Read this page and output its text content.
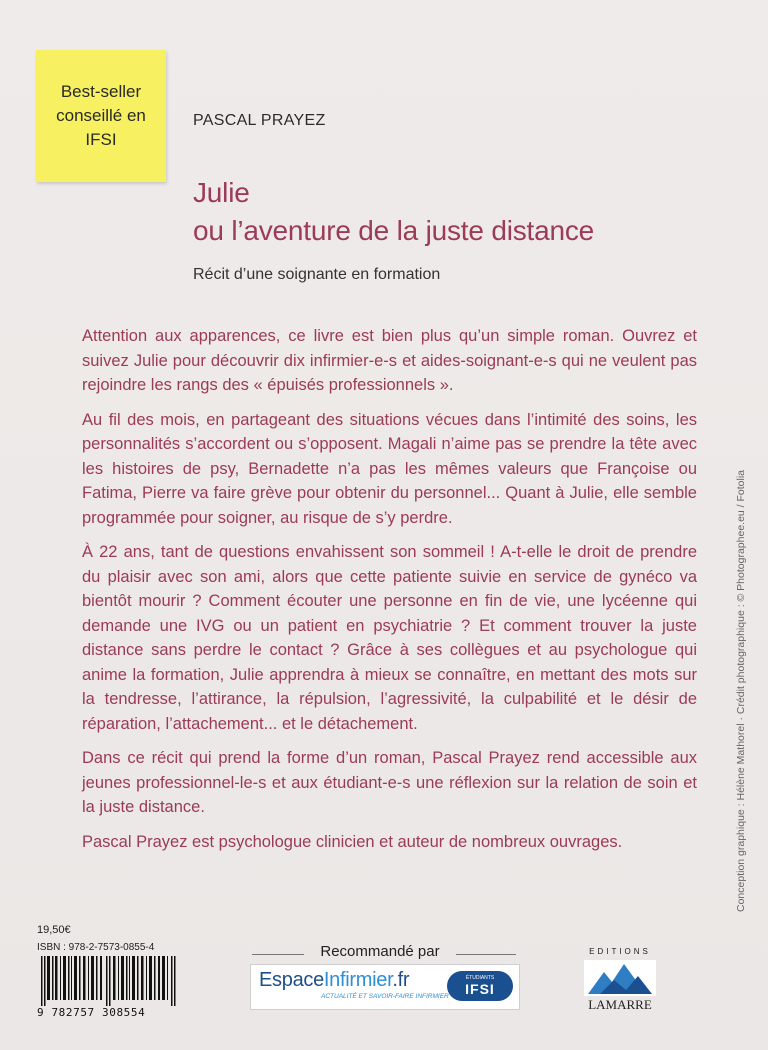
Best-seller
conseillé en
IFSI
PASCAL PRAYEZ
Julie
ou l’aventure de la juste distance
Récit d’une soignante en formation

Attention aux apparences, ce livre est bien plus qu’un simple roman. Ouvrez et suivez Julie pour découvrir dix infirmier-e-s et aides-soignant-e-s qui ne veulent pas rejoindre les rangs des « épuisés professionnels ».

Au fil des mois, en partageant des situations vécues dans l’intimité des soins, les personnalités s’accordent ou s’opposent. Magali n’aime pas se prendre la tête avec les histoires de psy, Bernadette n’a pas les mêmes valeurs que Françoise ou Fatima, Pierre va faire grève pour obtenir du personnel... Quant à Julie, elle semble programmée pour soigner, au risque de s’y perdre.

À 22 ans, tant de questions envahissent son sommeil ! A-t-elle le droit de prendre du plaisir avec son ami, alors que cette patiente suivie en service de gynéco va bientôt mourir ? Comment écouter une personne en fin de vie, une lycéenne qui demande une IVG ou un patient en psychiatrie ? Et comment trouver la juste distance sans perdre le contact ? Grâce à ses collègues et au psychologue qui anime la formation, Julie apprendra à mieux se connaître, en mettant des mots sur la tendresse, l’attirance, la répulsion, l’agressivité, la culpabilité et le désir de réparation, l’attachement... et le détachement.

Dans ce récit qui prend la forme d’un roman, Pascal Prayez rend accessible aux jeunes professionnel-le-s et aux étudiant-e-s une réflexion sur la relation de soin et la juste distance.

Pascal Prayez est psychologue clinicien et auteur de nombreux ouvrages.	Conception graphique : Hélène Mathorel · Crédit photographique : © Photographee.eu / Fotolia
19,50€
ISBN : 978-2-7573-0855-4
9 782757 308554
Recommandé par
EspaceInfirmier.fr
ACTUALITÉ ET SAVOIR-FAIRE INFIRMIER
ÉTUDIANTS
IFSI
EDITIONS
LAMARRE
